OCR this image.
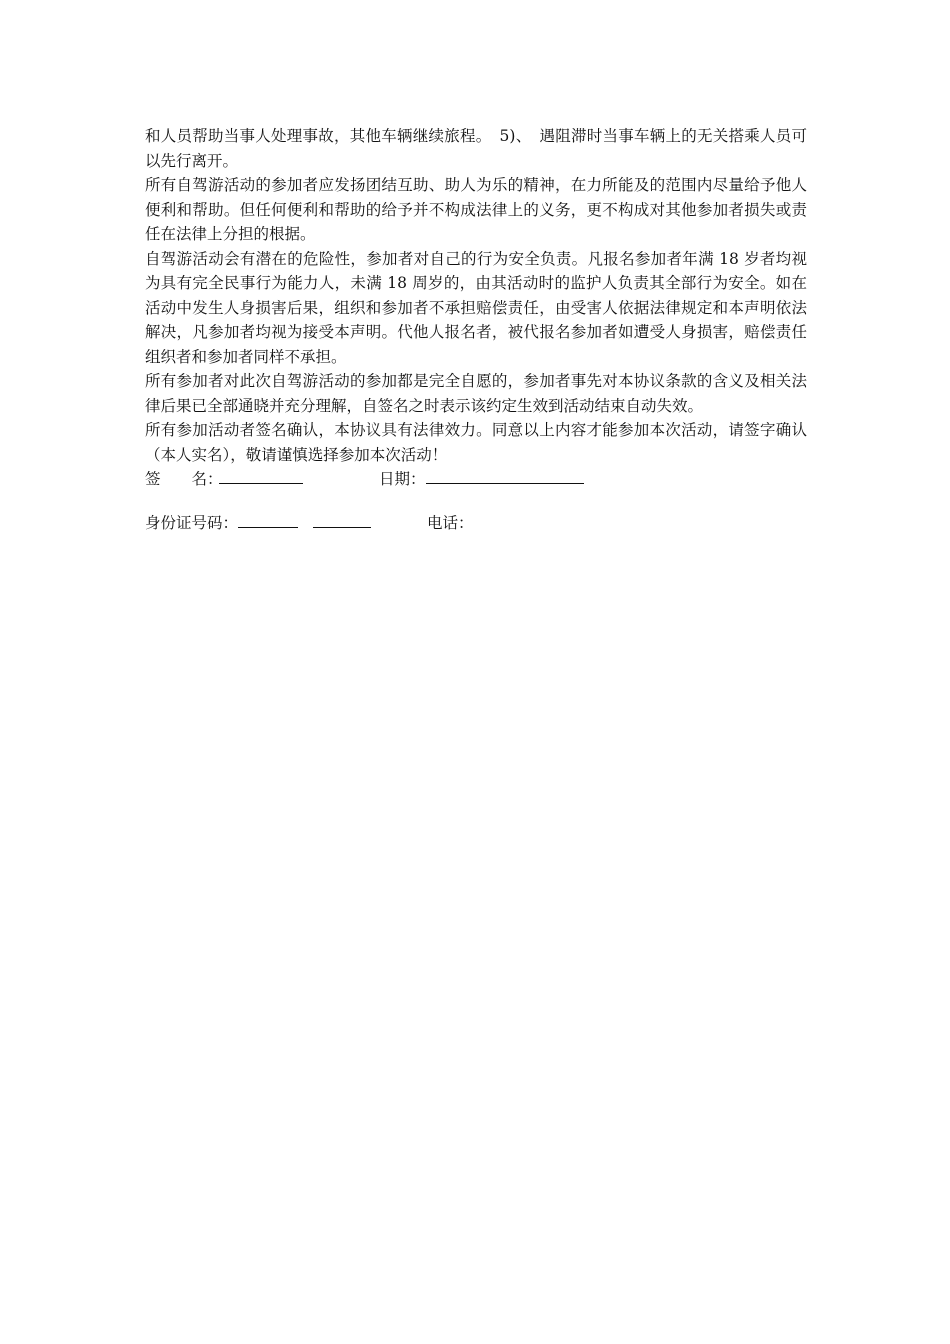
和人员帮助当事人处理事故，其他车辆继续旅程。　5)、　遇阻滞时当事车辆上的无关搭乘人员可以先行离开。

所有自驾游活动的参加者应发扬团结互助、助人为乐的精神，在力所能及的范围内尽量给予他人便利和帮助。但任何便利和帮助的给予并不构成法律上的义务，更不构成对其他参加者损失或责任在法律上分担的根据。

自驾游活动会有潜在的危险性，参加者对自己的行为安全负责。凡报名参加者年满 18 岁者均视为具有完全民事行为能力人，未满 18 周岁的，由其活动时的监护人负责其全部行为安全。如在活动中发生人身损害后果，组织和参加者不承担赔偿责任，由受害人依据法律规定和本声明依法解决，凡参加者均视为接受本声明。代他人报名者，被代报名参加者如遭受人身损害，赔偿责任组织者和参加者同样不承担。

所有参加者对此次自驾游活动的参加都是完全自愿的，参加者事先对本协议条款的含义及相关法律后果已全部通晓并充分理解，自签名之时表示该约定生效到活动结束自动失效。

所有参加活动者签名确认，本协议具有法律效力。同意以上内容才能参加本次活动，请签字确认（本人实名），敬请谨慎选择参加本次活动！

签　　名：	日期：
身份证号码：	电话：
